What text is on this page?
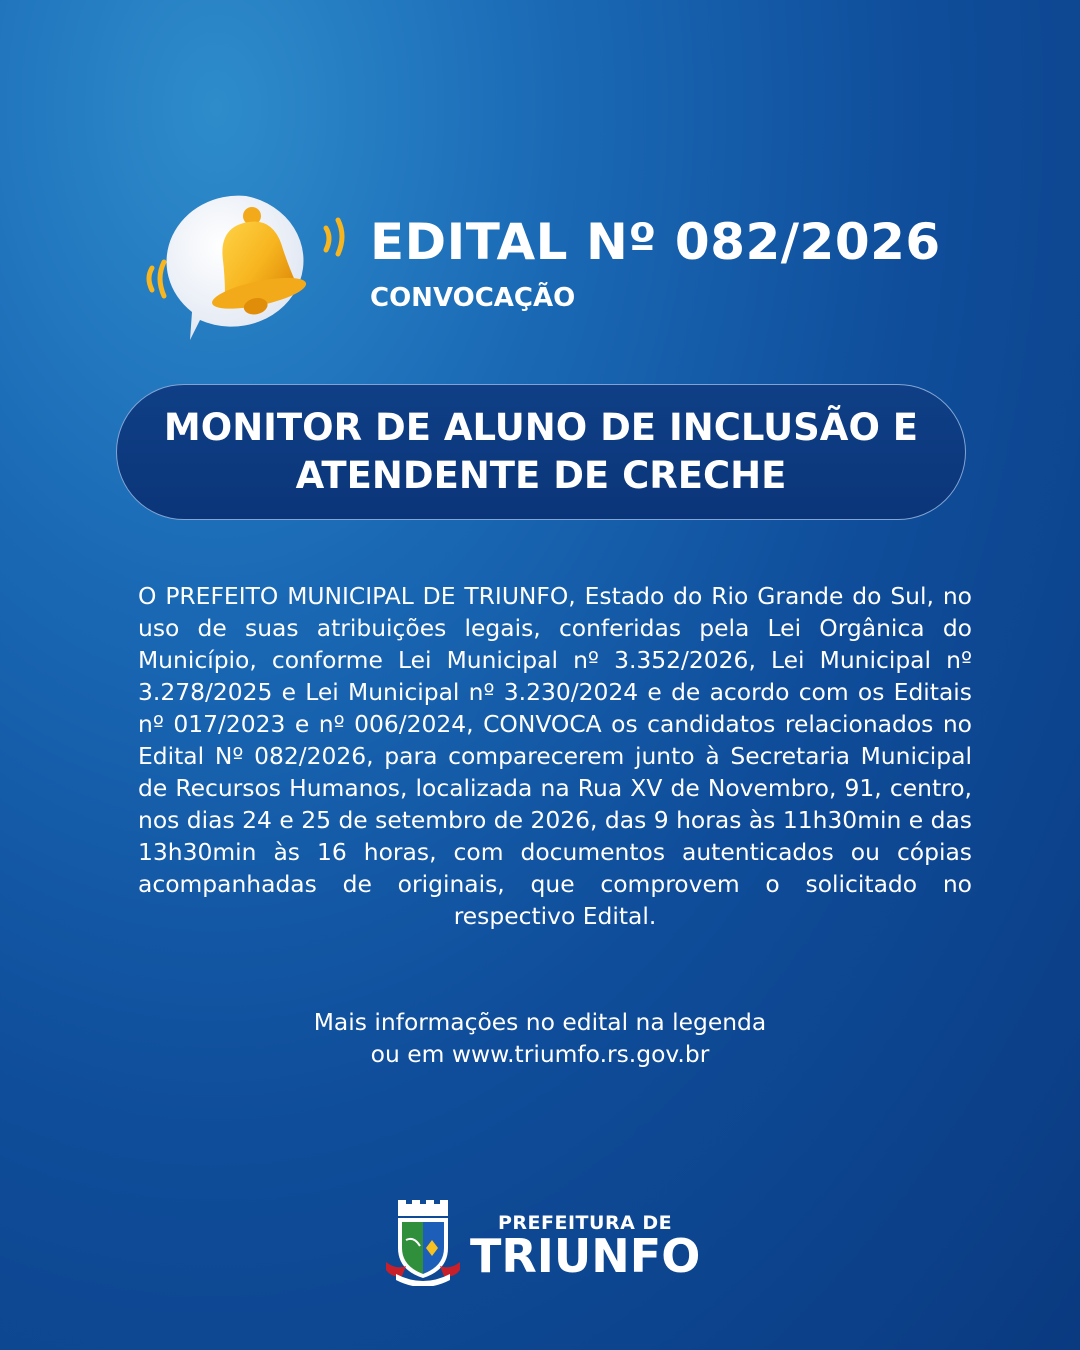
EDITAL Nº 082/2026
CONVOCAÇÃO
MONITOR DE ALUNO DE INCLUSÃO E
ATENDENTE DE CRECHE
O PREFEITO MUNICIPAL DE TRIUNFO, Estado do Rio Grande do Sul, no uso de suas atribuições legais, conferidas pela Lei Orgânica do Município, conforme Lei Municipal nº 3.352/2026, Lei Municipal nº 3.278/2025 e Lei Municipal nº 3.230/2024 e de acordo com os Editais nº 017/2023 e nº 006/2024, CONVOCA os candidatos relacionados no Edital Nº 082/2026, para comparecerem junto à Secretaria Municipal de Recursos Humanos, localizada na Rua XV de Novembro, 91, centro, nos dias 24 e 25 de setembro de 2026, das 9 horas às 11h30min e das 13h30min às 16 horas, com documentos autenticados ou cópias acompanhadas de originais, que comprovem o solicitado no respectivo Edital.
Mais informações no edital na legenda
ou em www.triumfo.rs.gov.br
PREFEITURA DE
TRIUNFO
